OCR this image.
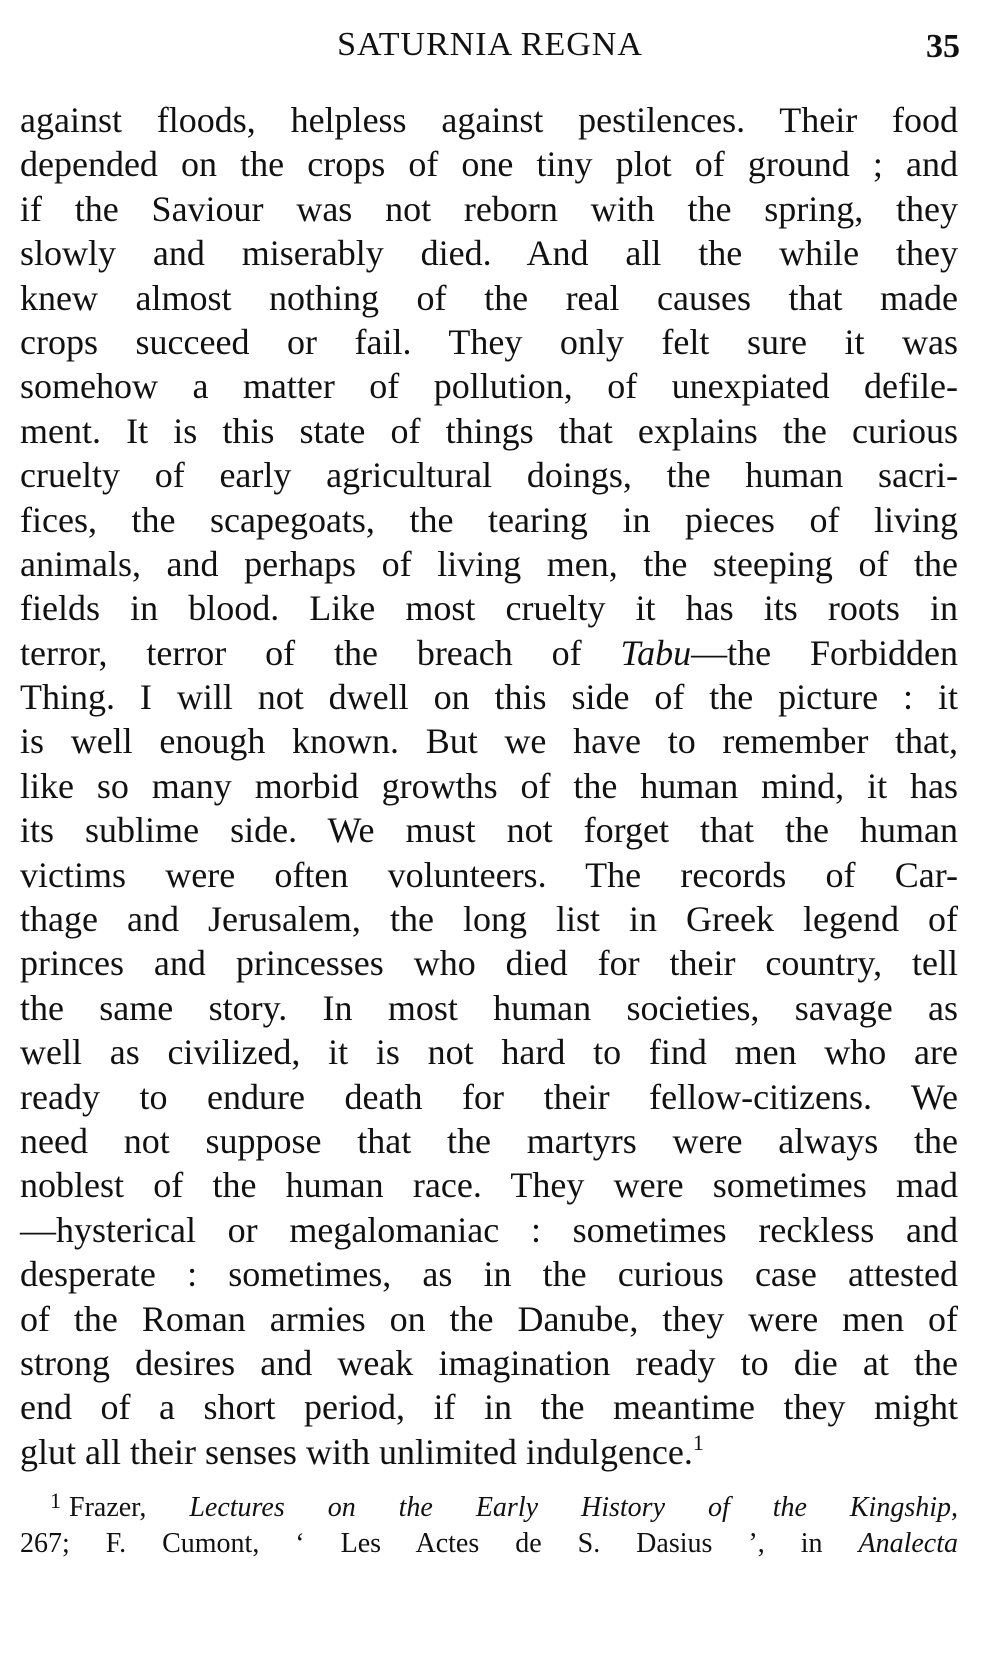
SATURNIA REGNA	35
against floods, helpless against pestilences. Their food
depended on the crops of one tiny plot of ground ; and
if the Saviour was not reborn with the spring, they
slowly and miserably died. And all the while they
knew almost nothing of the real causes that made
crops succeed or fail. They only felt sure it was
somehow a matter of pollution, of unexpiated defile-
ment. It is this state of things that explains the curious
cruelty of early agricultural doings, the human sacri-
fices, the scapegoats, the tearing in pieces of living
animals, and perhaps of living men, the steeping of the
fields in blood. Like most cruelty it has its roots in
terror, terror of the breach of Tabu—the Forbidden
Thing. I will not dwell on this side of the picture : it
is well enough known. But we have to remember that,
like so many morbid growths of the human mind, it has
its sublime side. We must not forget that the human
victims were often volunteers. The records of Car-
thage and Jerusalem, the long list in Greek legend of
princes and princesses who died for their country, tell
the same story. In most human societies, savage as
well as civilized, it is not hard to find men who are
ready to endure death for their fellow-citizens. We
need not suppose that the martyrs were always the
noblest of the human race. They were sometimes mad
—hysterical or megalomaniac : sometimes reckless and
desperate : sometimes, as in the curious case attested
of the Roman armies on the Danube, they were men of
strong desires and weak imagination ready to die at the
end of a short period, if in the meantime they might
glut all their senses with unlimited indulgence.$^1$
$^1$ Frazer, Lectures on the Early History of the Kingship,
267; F. Cumont, ‘ Les Actes de S. Dasius ’, in Analecta
